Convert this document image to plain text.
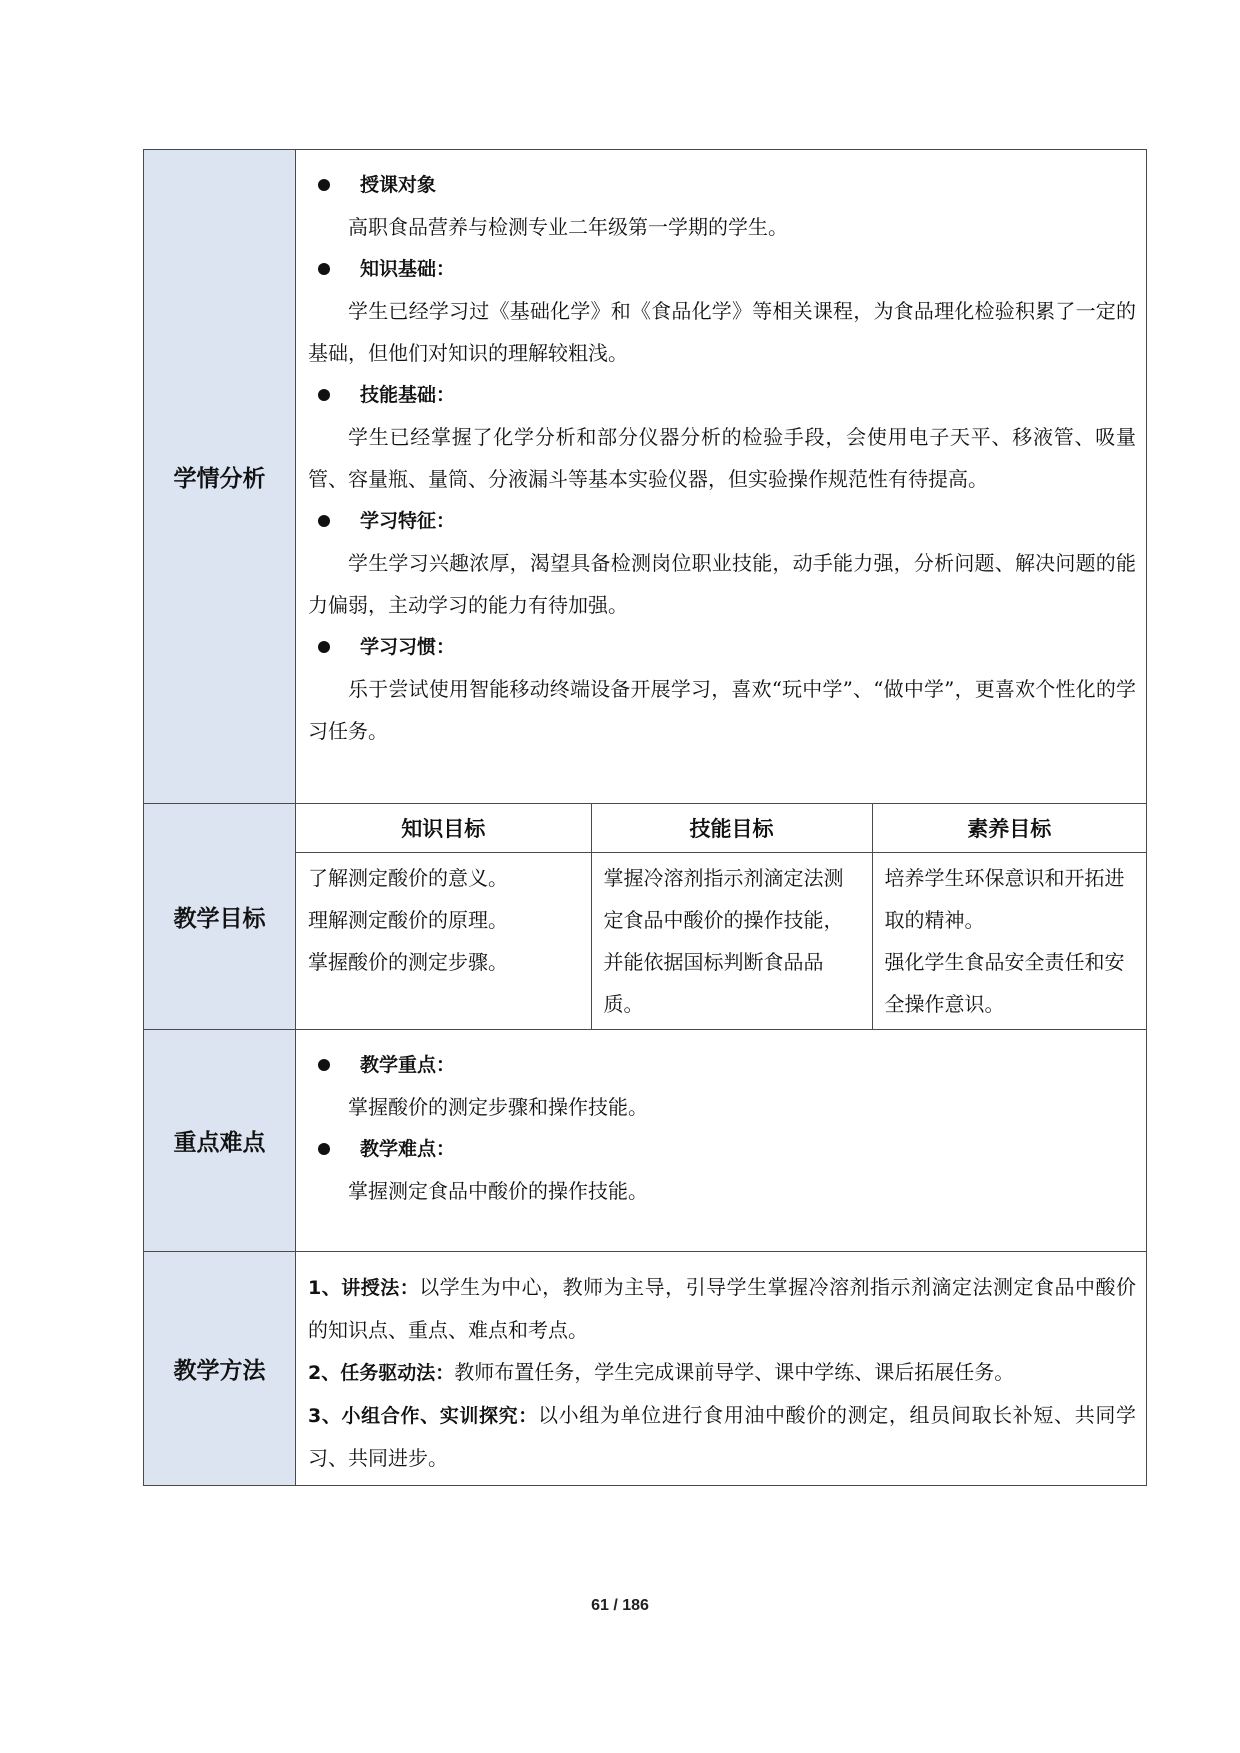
学情分析	
授课对象
高职食品营养与检测专业二年级第一学期的学生。
知识基础：
学生已经学习过《基础化学》和《食品化学》等相关课程，为食品理化检验积累了一定的基础，但他们对知识的理解较粗浅。
技能基础：
学生已经掌握了化学分析和部分仪器分析的检验手段，会使用电子天平、移液管、吸量管、容量瓶、量筒、分液漏斗等基本实验仪器，但实验操作规范性有待提高。
学习特征：
学生学习兴趣浓厚，渴望具备检测岗位职业技能，动手能力强，分析问题、解决问题的能力偏弱，主动学习的能力有待加强。
学习习惯：
乐于尝试使用智能移动终端设备开展学习，喜欢“玩中学”、“做中学”，更喜欢个性化的学习任务。

教学目标	
知识目标	技能目标	素养目标

了解测定酸价的意义。
理解测定酸价的原理。
掌握酸价的测定步骤。

掌握冷溶剂指示剂滴定法测定食品中酸价的操作技能，并能依据国标判断食品品质。

培养学生环保意识和开拓进取的精神。
强化学生食品安全责任和安全操作意识。

重点难点	
教学重点：
掌握酸价的测定步骤和操作技能。
教学难点：
掌握测定食品中酸价的操作技能。

教学方法	
1、讲授法：以学生为中心，教师为主导，引导学生掌握冷溶剂指示剂滴定法测定食品中酸价的知识点、重点、难点和考点。
2、任务驱动法：教师布置任务，学生完成课前导学、课中学练、课后拓展任务。
3、小组合作、实训探究：以小组为单位进行食用油中酸价的测定，组员间取长补短、共同学习、共同进步。
61 / 186
